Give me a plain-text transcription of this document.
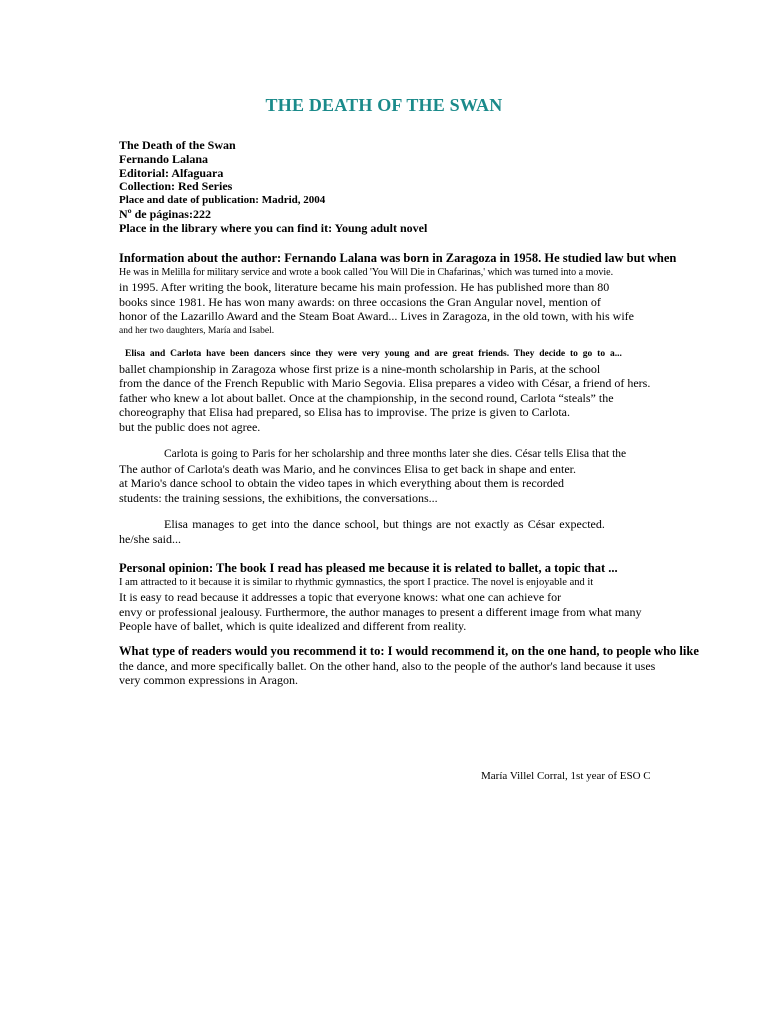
THE DEATH OF THE SWAN
The Death of the Swan
Fernando Lalana
Editorial: Alfaguara
Collection: Red Series
Place and date of publication: Madrid, 2004
Nº de páginas:222
Place in the library where you can find it: Young adult novel
Information about the author: Fernando Lalana was born in Zaragoza in 1958. He studied law but when
He was in Melilla for military service and wrote a book called 'You Will Die in Chafarinas,' which was turned into a movie.
in 1995. After writing the book, literature became his main profession. He has published more than 80
books since 1981. He has won many awards: on three occasions the Gran Angular novel, mention of
honor of the Lazarillo Award and the Steam Boat Award... Lives in Zaragoza, in the old town, with his wife
and her two daughters, María and Isabel.
Elisa and Carlota have been dancers since they were very young and are great friends. They decide to go to a...
ballet championship in Zaragoza whose first prize is a nine-month scholarship in Paris, at the school
from the dance of the French Republic with Mario Segovia. Elisa prepares a video with César, a friend of hers.
father who knew a lot about ballet. Once at the championship, in the second round, Carlota “steals” the
choreography that Elisa had prepared, so Elisa has to improvise. The prize is given to Carlota.
but the public does not agree.
Carlota is going to Paris for her scholarship and three months later she dies. César tells Elisa that the
The author of Carlota's death was Mario, and he convinces Elisa to get back in shape and enter.
at Mario's dance school to obtain the video tapes in which everything about them is recorded
students: the training sessions, the exhibitions, the conversations...
Elisa manages to get into the dance school, but things are not exactly as César expected.
he/she said...
Personal opinion: The book I read has pleased me because it is related to ballet, a topic that ...
I am attracted to it because it is similar to rhythmic gymnastics, the sport I practice. The novel is enjoyable and it
It is easy to read because it addresses a topic that everyone knows: what one can achieve for
envy or professional jealousy. Furthermore, the author manages to present a different image from what many
People have of ballet, which is quite idealized and different from reality.
What type of readers would you recommend it to: I would recommend it, on the one hand, to people who like
the dance, and more specifically ballet. On the other hand, also to the people of the author's land because it uses
very common expressions in Aragon.
María Villel Corral, 1st year of ESO C
